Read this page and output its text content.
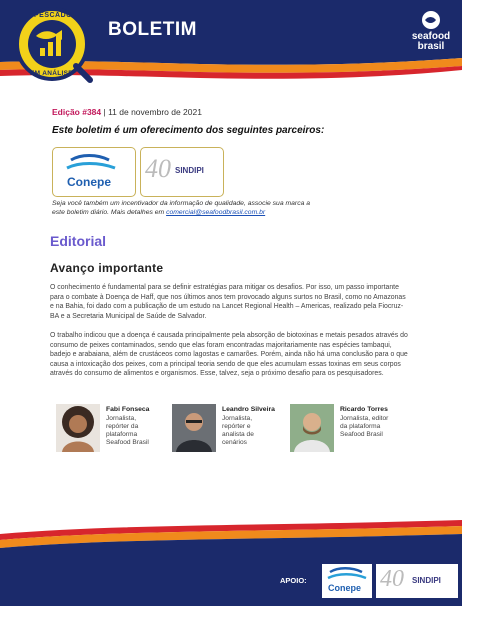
PESCADO
EM ANÁLISE
BOLETIM	seafood
brasil
Edição #384 | 11 de novembro de 2021
Este boletim é um oferecimento dos seguintes parceiros:
Conepe 40 SINDIPI
Seja você também um incentivador da informação de qualidade, associe sua marca a este boletim diário. Mais detalhes em comercial@seafoodbrasil.com.br
Editorial
Avanço importante

O conhecimento é fundamental para se definir estratégias para mitigar os desafios. Por isso, um passo importante para o combate à Doença de Haff, que nos últimos anos tem provocado alguns surtos no Brasil, como no Amazonas e na Bahia, foi dado com a publicação de um estudo na Lancet Regional Health – Americas, realizado pela Fiocruz-BA e a Secretaria Municipal de Saúde de Salvador.

O trabalho indicou que a doença é causada principalmente pela absorção de biotoxinas e metais pesados através do consumo de peixes contaminados, sendo que elas foram encontradas majoritariamente nas espécies tambaqui, badejo e arabaiana, além de crustáceos como lagostas e camarões. Porém, ainda não há uma conclusão para o que causa a intoxicação dos peixes, com a principal teoria sendo de que eles acumulam essas toxinas em seus corpos através do consumo de alimentos e organismos. Esse, talvez, seja o próximo desafio para os pesquisadores.

Fabi Fonseca
Jornalista, repórter da plataforma Seafood Brasil
Leandro Silveira
Jornalista, repórter e analista de cenários
Ricardo Torres
Jornalista, editor da plataforma Seafood Brasil
APOIO:
Conepe 40 SINDIPI
